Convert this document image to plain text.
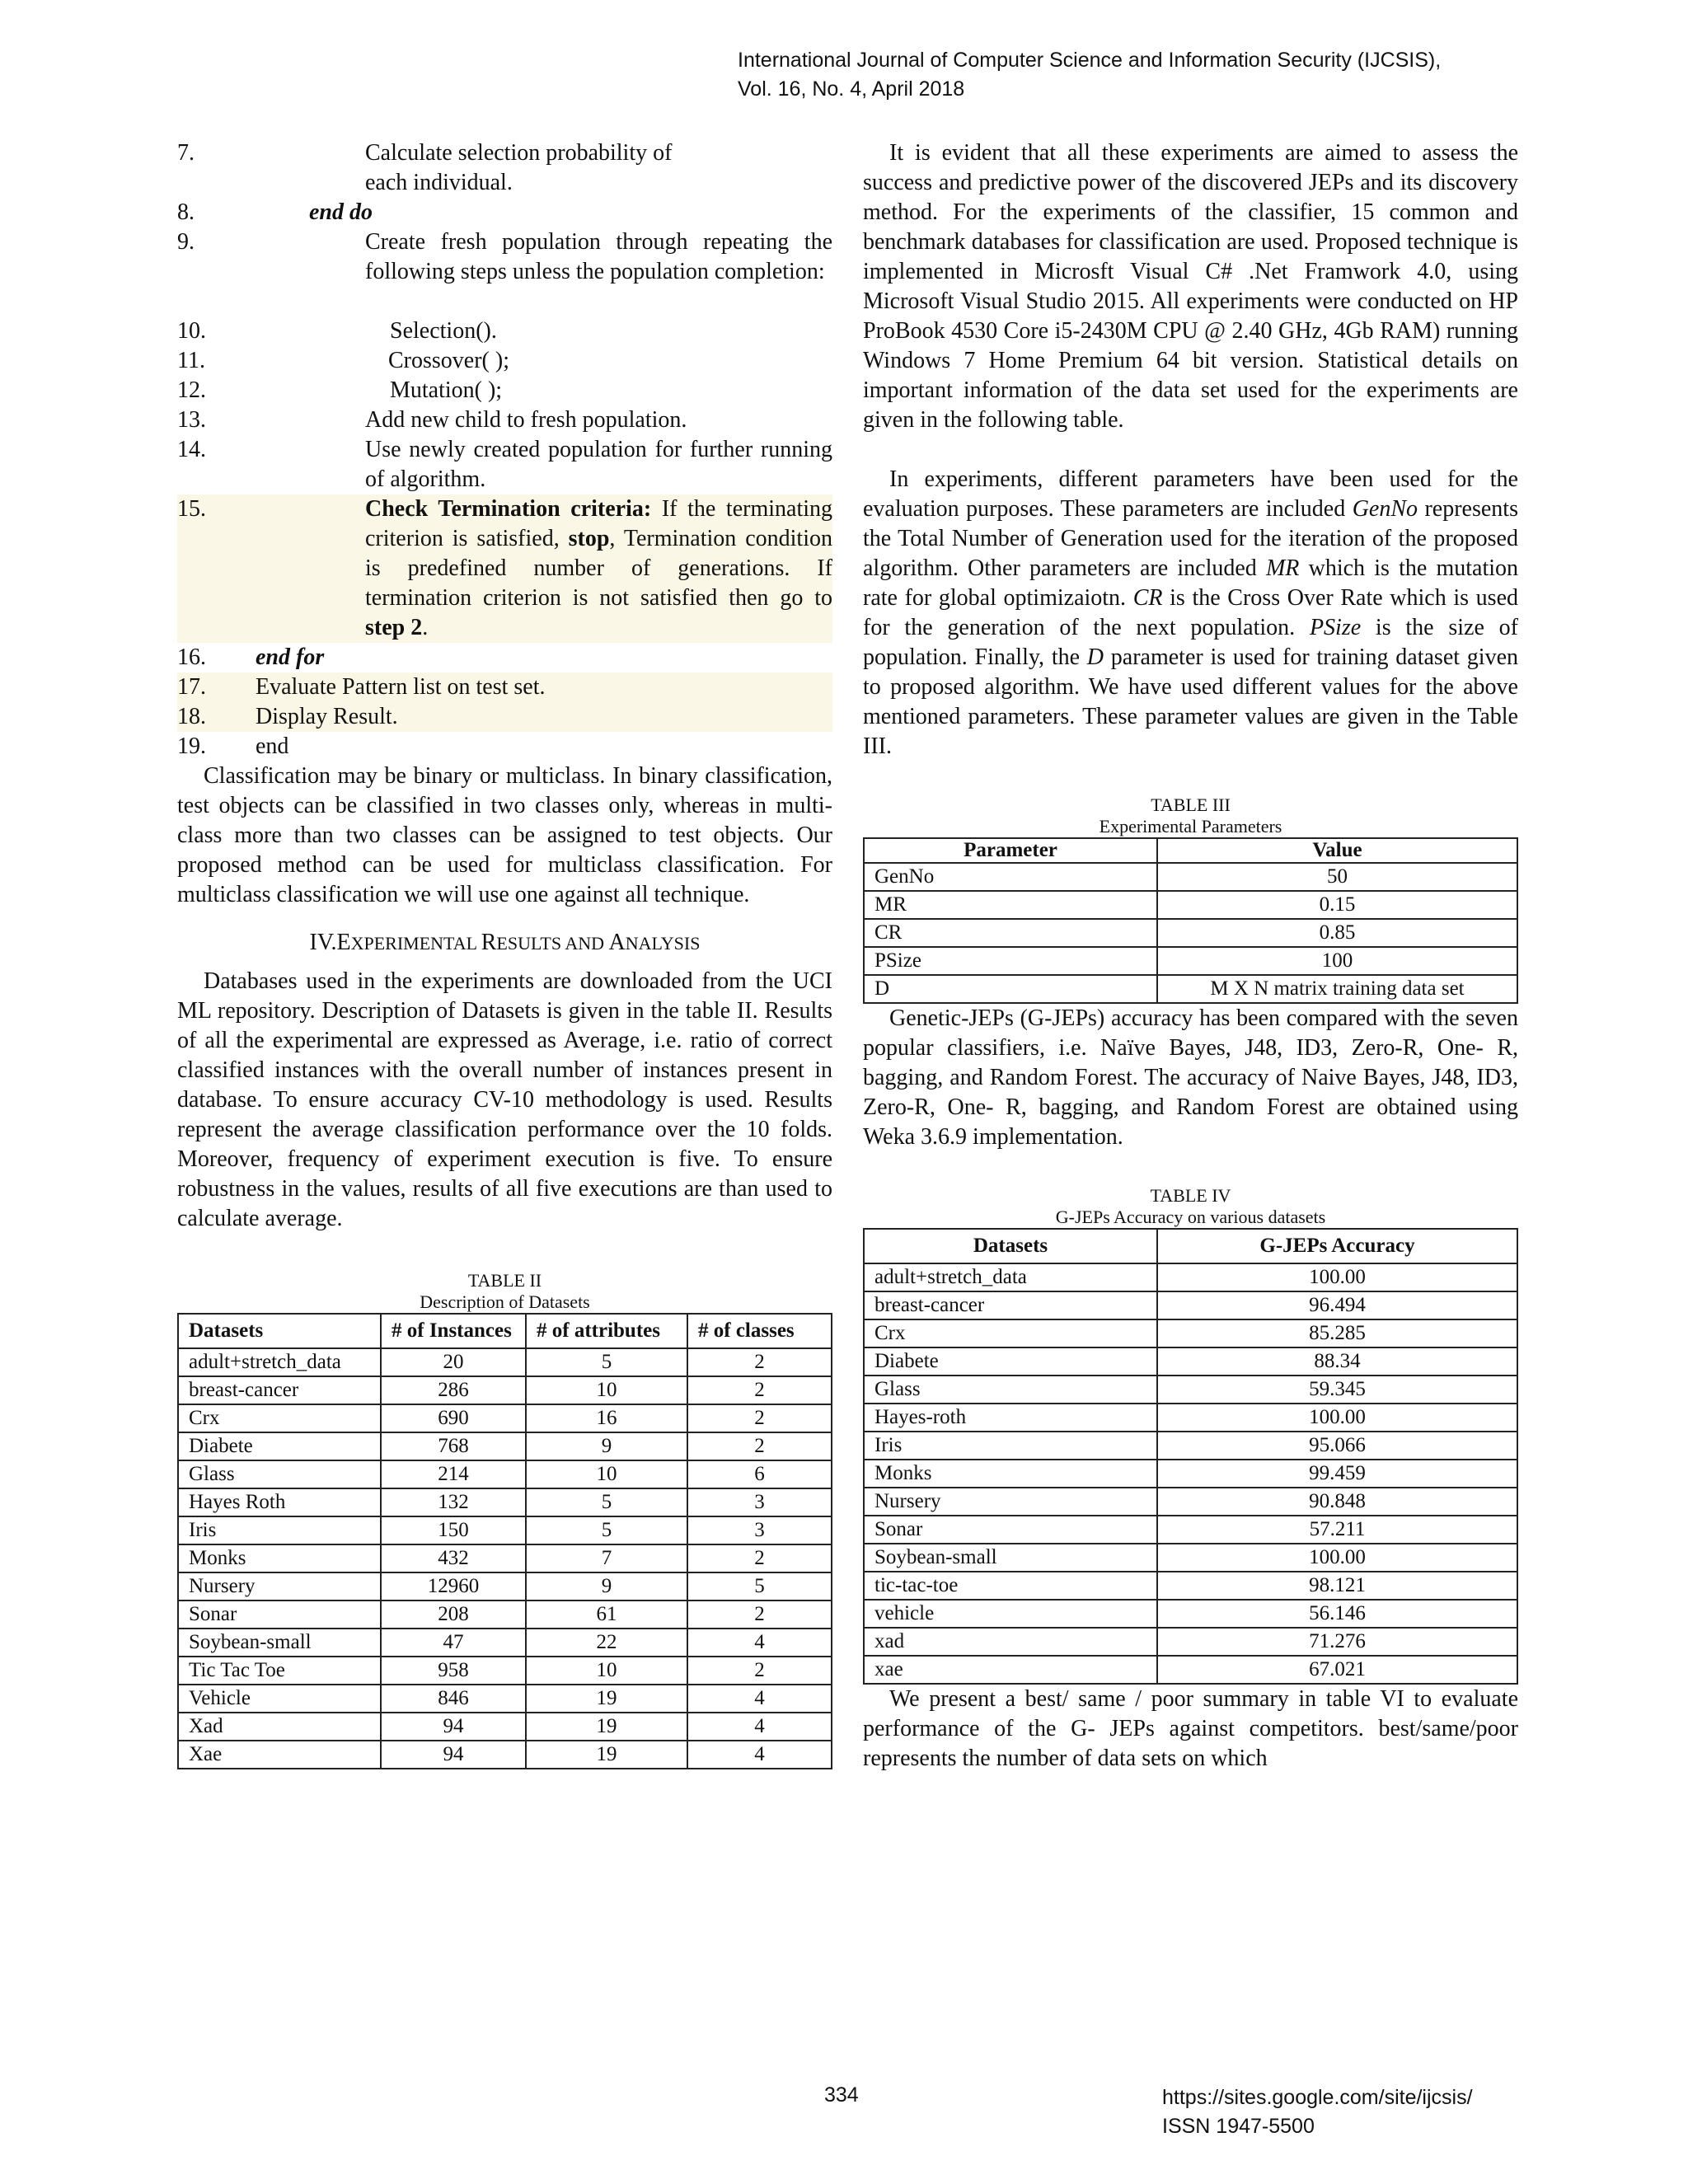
International Journal of Computer Science and Information Security (IJCSIS),
Vol. 16, No. 4, April 2018
7.	Calculate selection probability of
each individual.
8.	end do
9.	Create fresh population through repeating the following steps unless the population completion:
10.	Selection().
11.	Crossover( );
12.	Mutation( );
13.	Add new child to fresh population.
14.	Use newly created population for further running of algorithm.
15.	Check Termination criteria: If the terminating criterion is satisfied, stop, Termination condition is predefined number of generations. If termination criterion is not satisfied then go to step 2.
16. end for
17. Evaluate Pattern list on test set.
18. Display Result.
19. end

Classification may be binary or multiclass. In binary classification, test objects can be classified in two classes only, whereas in multi-class more than two classes can be assigned to test objects. Our proposed method can be used for multiclass classification. For multiclass classification we will use one against all technique.

IV.EXPERIMENTAL RESULTS AND ANALYSIS

Databases used in the experiments are downloaded from the UCI ML repository. Description of Datasets is given in the table II. Results of all the experimental are expressed as Average, i.e. ratio of correct classified instances with the overall number of instances present in database. To ensure accuracy CV-10 methodology is used. Results represent the average classification performance over the 10 folds. Moreover, frequency of experiment execution is five. To ensure robustness in the values, results of all five executions are than used to calculate average.

TABLE II
Description of Datasets
Datasets	# of Instances	# of attributes	# of classes
adult+stretch_data	20	5	2
breast-cancer	286	10	2
Crx	690	16	2
Diabete	768	9	2
Glass	214	10	6
Hayes Roth	132	5	3
Iris	150	5	3
Monks	432	7	2
Nursery	12960	9	5
Sonar	208	61	2
Soybean-small	47	22	4
Tic Tac Toe	958	10	2
Vehicle	846	19	4
Xad	94	19	4
Xae	94	19	4

It is evident that all these experiments are aimed to assess the success and predictive power of the discovered JEPs and its discovery method. For the experiments of the classifier, 15 common and benchmark databases for classification are used. Proposed technique is implemented in Microsft Visual C# .Net Framwork 4.0, using Microsoft Visual Studio 2015. All experiments were conducted on HP ProBook 4530 Core i5-2430M CPU @ 2.40 GHz, 4Gb RAM) running Windows 7 Home Premium 64 bit version. Statistical details on important information of the data set used for the experiments are given in the following table.

In experiments, different parameters have been used for the evaluation purposes. These parameters are included GenNo represents the Total Number of Generation used for the iteration of the proposed algorithm. Other parameters are included MR which is the mutation rate for global optimizaiotn. CR is the Cross Over Rate which is used for the generation of the next population. PSize is the size of population. Finally, the D parameter is used for training dataset given to proposed algorithm. We have used different values for the above mentioned parameters. These parameter values are given in the Table III.

TABLE III
Experimental Parameters
Parameter	Value
GenNo	50
MR	0.15
CR	0.85
PSize	100
D	M X N matrix training data set

Genetic-JEPs (G-JEPs) accuracy has been compared with the seven popular classifiers, i.e. Naïve Bayes, J48, ID3, Zero-R, One- R, bagging, and Random Forest. The accuracy of Naive Bayes, J48, ID3, Zero-R, One- R, bagging, and Random Forest are obtained using Weka 3.6.9 implementation.

TABLE IV
G-JEPs Accuracy on various datasets
Datasets	G-JEPs Accuracy
adult+stretch_data	100.00
breast-cancer	96.494
Crx	85.285
Diabete	88.34
Glass	59.345
Hayes-roth	100.00
Iris	95.066
Monks	99.459
Nursery	90.848
Sonar	57.211
Soybean-small	100.00
tic-tac-toe	98.121
vehicle	56.146
xad	71.276
xae	67.021

We present a best/ same / poor summary in table VI to evaluate performance of the G- JEPs against competitors. best/same/poor represents the number of data sets on which

334	https://sites.google.com/site/ijcsis/
ISSN 1947-5500
